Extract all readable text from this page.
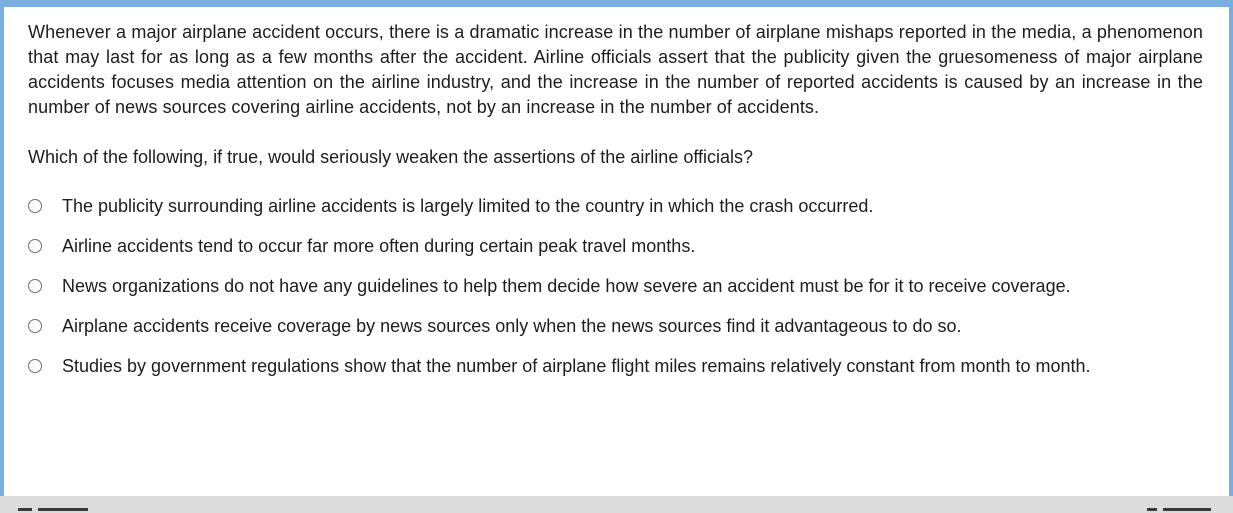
Whenever a major airplane accident occurs, there is a dramatic increase in the number of airplane mishaps reported in the media, a phenomenon that may last for as long as a few months after the accident. Airline officials assert that the publicity given the gruesomeness of major airplane accidents focuses media attention on the airline industry, and the increase in the number of reported accidents is caused by an increase in the number of news sources covering airline accidents, not by an increase in the number of accidents.

Which of the following, if true, would seriously weaken the assertions of the airline officials?

The publicity surrounding airline accidents is largely limited to the country in which the crash occurred.
Airline accidents tend to occur far more often during certain peak travel months.
News organizations do not have any guidelines to help them decide how severe an accident must be for it to receive coverage.
Airplane accidents receive coverage by news sources only when the news sources find it advantageous to do so.
Studies by government regulations show that the number of airplane flight miles remains relatively constant from month to month.
